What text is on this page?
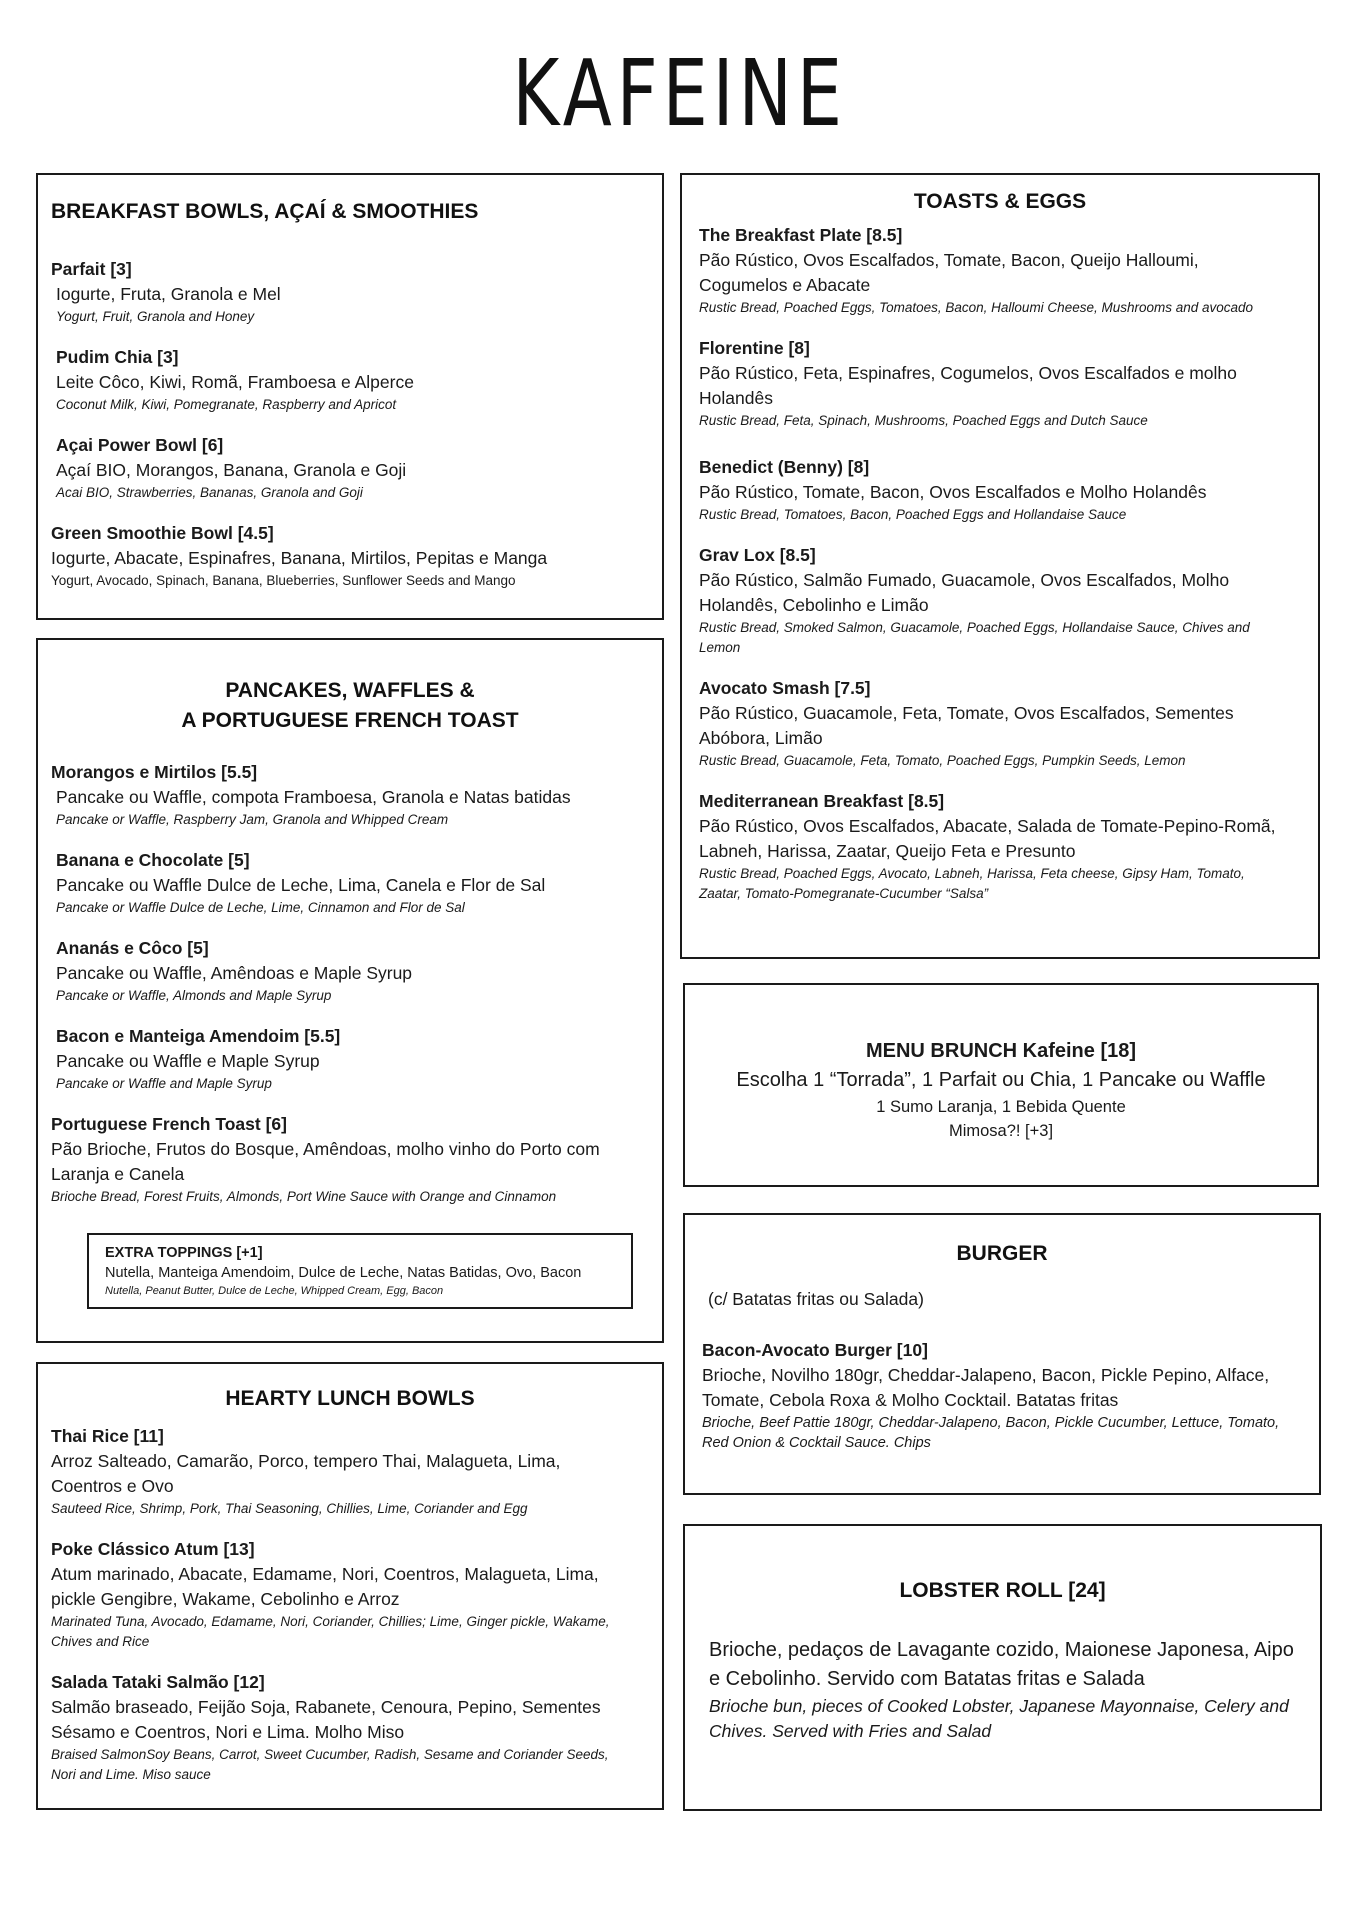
KAFEINE
BREAKFAST BOWLS, AÇAÍ & SMOOTHIES
Parfait [3]
Iogurte, Fruta, Granola e Mel
Yogurt, Fruit, Granola and Honey
Pudim Chia [3]
Leite Côco, Kiwi, Romã, Framboesa e Alperce
Coconut Milk, Kiwi, Pomegranate, Raspberry and Apricot
Açai Power Bowl [6]
Açaí BIO, Morangos, Banana, Granola e Goji
Acai BIO, Strawberries, Bananas, Granola and Goji
Green Smoothie Bowl [4.5]
Iogurte, Abacate, Espinafres, Banana, Mirtilos, Pepitas e Manga
Yogurt, Avocado, Spinach, Banana, Blueberries, Sunflower Seeds and Mango
PANCAKES, WAFFLES &
A PORTUGUESE FRENCH TOAST
Morangos e Mirtilos [5.5]
Pancake ou Waffle, compota Framboesa, Granola e Natas batidas
Pancake or Waffle, Raspberry Jam, Granola and Whipped Cream
Banana e Chocolate [5]
Pancake ou Waffle Dulce de Leche, Lima, Canela e Flor de Sal
Pancake or Waffle Dulce de Leche, Lime, Cinnamon and Flor de Sal
Ananás e Côco [5]
Pancake ou Waffle, Amêndoas e Maple Syrup
Pancake or Waffle, Almonds and Maple Syrup
Bacon e Manteiga Amendoim [5.5]
Pancake ou Waffle e Maple Syrup
Pancake or Waffle and Maple Syrup
Portuguese French Toast [6]
Pão Brioche, Frutos do Bosque, Amêndoas, molho vinho do Porto com Laranja e Canela
Brioche Bread, Forest Fruits, Almonds, Port Wine Sauce with Orange and Cinnamon
EXTRA TOPPINGS [+1]
Nutella, Manteiga Amendoim, Dulce de Leche, Natas Batidas, Ovo, Bacon
Nutella, Peanut Butter, Dulce de Leche, Whipped Cream, Egg, Bacon
HEARTY LUNCH BOWLS
Thai Rice [11]
Arroz Salteado, Camarão, Porco, tempero Thai, Malagueta, Lima, Coentros e Ovo
Sauteed Rice, Shrimp, Pork, Thai Seasoning, Chillies, Lime, Coriander and Egg
Poke Clássico Atum [13]
Atum marinado, Abacate, Edamame, Nori, Coentros, Malagueta, Lima, pickle Gengibre, Wakame, Cebolinho e Arroz
Marinated Tuna, Avocado, Edamame, Nori, Coriander, Chillies; Lime, Ginger pickle, Wakame, Chives and Rice
Salada Tataki Salmão [12]
Salmão braseado, Feijão Soja, Rabanete, Cenoura, Pepino, Sementes Sésamo e Coentros, Nori e Lima. Molho Miso
Braised SalmonSoy Beans, Carrot, Sweet Cucumber, Radish, Sesame and Coriander Seeds, Nori and Lime. Miso sauce
TOASTS & EGGS
The Breakfast Plate [8.5]
Pão Rústico, Ovos Escalfados, Tomate, Bacon, Queijo Halloumi, Cogumelos e Abacate
Rustic Bread, Poached Eggs, Tomatoes, Bacon, Halloumi Cheese, Mushrooms and avocado
Florentine [8]
Pão Rústico, Feta, Espinafres, Cogumelos, Ovos Escalfados e molho Holandês
Rustic Bread, Feta, Spinach, Mushrooms, Poached Eggs and Dutch Sauce
Benedict (Benny) [8]
Pão Rústico, Tomate, Bacon, Ovos Escalfados e Molho Holandês
Rustic Bread, Tomatoes, Bacon, Poached Eggs and Hollandaise Sauce
Grav Lox [8.5]
Pão Rústico, Salmão Fumado, Guacamole, Ovos Escalfados, Molho Holandês, Cebolinho e Limão
Rustic Bread, Smoked Salmon, Guacamole, Poached Eggs, Hollandaise Sauce, Chives and Lemon
Avocato Smash [7.5]
Pão Rústico, Guacamole, Feta, Tomate, Ovos Escalfados, Sementes Abóbora, Limão
Rustic Bread, Guacamole, Feta, Tomato, Poached Eggs, Pumpkin Seeds, Lemon
Mediterranean Breakfast [8.5]
Pão Rústico, Ovos Escalfados, Abacate, Salada de Tomate-Pepino-Romã, Labneh, Harissa, Zaatar, Queijo Feta e Presunto
Rustic Bread, Poached Eggs, Avocato, Labneh, Harissa, Feta cheese, Gipsy Ham, Tomato, Zaatar, Tomato-Pomegranate-Cucumber “Salsa”
MENU BRUNCH Kafeine [18]
Escolha 1 “Torrada”, 1 Parfait ou Chia, 1 Pancake ou Waffle
1 Sumo Laranja, 1 Bebida Quente
Mimosa?! [+3]
BURGER
(c/ Batatas fritas ou Salada)
Bacon-Avocato Burger [10]
Brioche, Novilho 180gr, Cheddar-Jalapeno, Bacon, Pickle Pepino, Alface, Tomate, Cebola Roxa & Molho Cocktail. Batatas fritas
Brioche, Beef Pattie 180gr, Cheddar-Jalapeno, Bacon, Pickle Cucumber, Lettuce, Tomato, Red Onion & Cocktail Sauce. Chips
LOBSTER ROLL [24]
Brioche, pedaços de Lavagante cozido, Maionese Japonesa, Aipo e Cebolinho. Servido com Batatas fritas e Salada
Brioche bun, pieces of Cooked Lobster, Japanese Mayonnaise, Celery and Chives. Served with Fries and Salad
